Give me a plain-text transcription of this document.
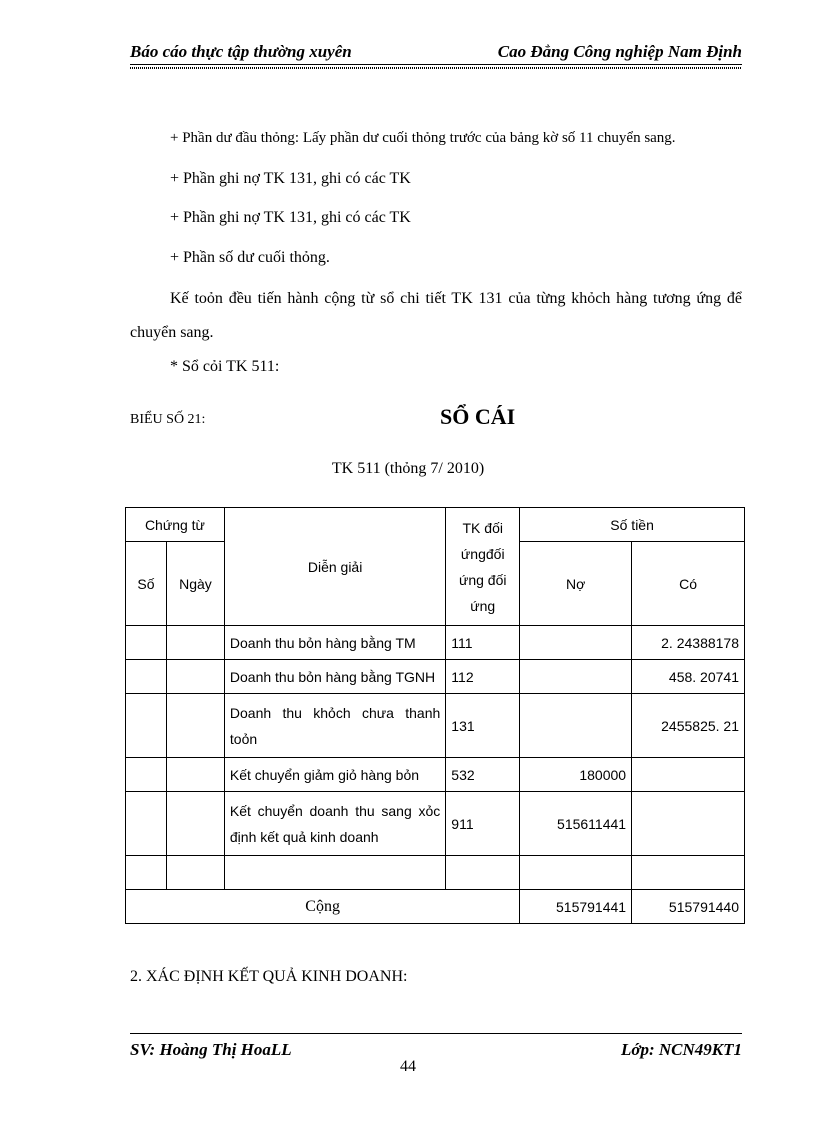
Báo cáo thực tập thường xuyên	Cao Đẳng Công nghiệp Nam Định
+ Phần dư đầu thỏng: Lấy phần dư cuối thỏng trước của bảng kờ số 11 chuyển sang.
+ Phần ghi nợ TK 131, ghi có các TK
+ Phần ghi nợ TK 131, ghi có các TK
+ Phần số dư cuối thỏng.
Kế toỏn đều tiến hành cộng từ sổ chi tiết TK 131 của từng khỏch hàng tương ứng để chuyển sang.
* Sổ cỏi TK 511:
BIỂU SỐ 21:	SỔ CÁI
TK 511 (thỏng 7/ 2010)
Chứng từ		Diễn giải	TK đối ứngđối ứng đối ứng	Số tiền	
Số	Ngày			Nợ	Có
		Doanh thu bỏn hàng bằng TM	111		2. 24388178
		Doanh thu bỏn hàng bằng TGNH	112		458. 20741
		Doanh thu khỏch chưa thanh toỏn	131		2455825. 21
		Kết chuyển giảm giỏ hàng bỏn	532	180000	
		Kết chuyển doanh thu sang xỏc định kết quả kinh doanh	911	515611441	

Cộng				515791441	515791440
2. XÁC ĐỊNH KẾT QUẢ KINH DOANH:
SV: Hoàng Thị HoaLL	Lớp: NCN49KT1
44
